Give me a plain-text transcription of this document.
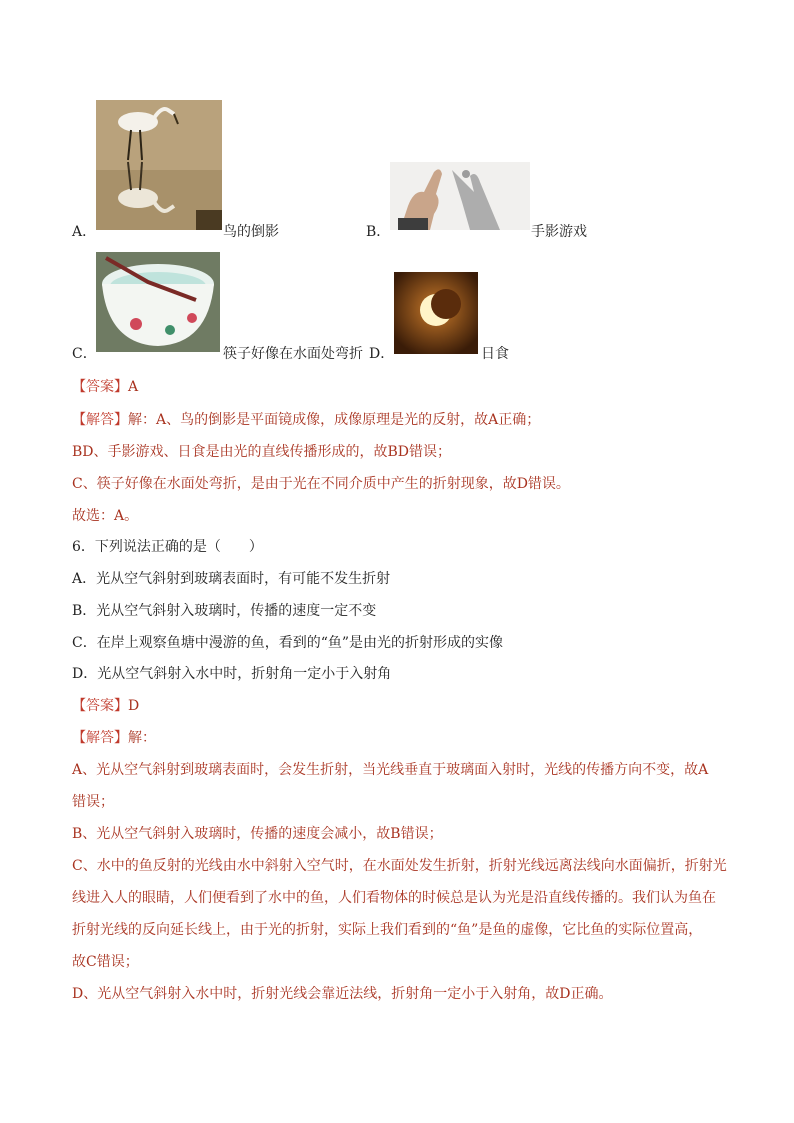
A．	鸟的倒影	B．	手影游戏
C．	筷子好像在水面处弯折 D．	日食
【答案】A
【解答】解：A、鸟的倒影是平面镜成像，成像原理是光的反射，故A正确；
BD、手影游戏、日食是由光的直线传播形成的，故BD错误；
C、筷子好像在水面处弯折，是由于光在不同介质中产生的折射现象，故D错误。
故选：A。
6．下列说法正确的是（　　）
A．光从空气斜射到玻璃表面时，有可能不发生折射
B．光从空气斜射入玻璃时，传播的速度一定不变
C．在岸上观察鱼塘中漫游的鱼，看到的“鱼”是由光的折射形成的实像
D．光从空气斜射入水中时，折射角一定小于入射角
【答案】D
【解答】解：
A、光从空气斜射到玻璃表面时，会发生折射，当光线垂直于玻璃面入射时，光线的传播方向不变，故A
错误；
B、光从空气斜射入玻璃时，传播的速度会减小，故B错误；
C、水中的鱼反射的光线由水中斜射入空气时，在水面处发生折射，折射光线远离法线向水面偏折，折射光
线进入人的眼睛，人们便看到了水中的鱼，人们看物体的时候总是认为光是沿直线传播的。我们认为鱼在
折射光线的反向延长线上，由于光的折射，实际上我们看到的“鱼”是鱼的虚像，它比鱼的实际位置高，
故C错误；
D、光从空气斜射入水中时，折射光线会靠近法线，折射角一定小于入射角，故D正确。
